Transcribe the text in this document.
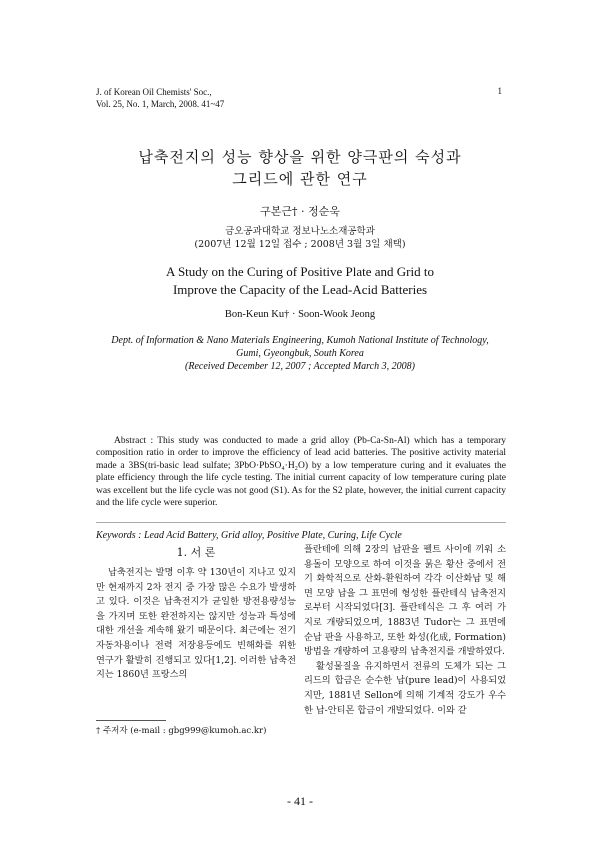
J. of Korean Oil Chemists' Soc.,
Vol. 25, No. 1, March, 2008. 41~47
1
납축전지의 성능 향상을 위한 양극판의 숙성과
그리드에 관한 연구
구본근† · 정순욱
금오공과대학교 정보나노소재공학과
(2007년 12월 12일 접수 ; 2008년 3월 3일 채택)
A Study on the Curing of Positive Plate and Grid to
Improve the Capacity of the Lead-Acid Batteries
Bon-Keun Ku† · Soon-Wook Jeong
Dept. of Information & Nano Materials Engineering, Kumoh National Institute of Technology,
Gumi, Gyeongbuk, South Korea
(Received December 12, 2007 ; Accepted March 3, 2008)

Abstract : This study was conducted to made a grid alloy (Pb-Ca-Sn-Al) which has a temporary composition ratio in order to improve the efficiency of lead acid batteries. The positive activity material made a 3BS(tri-basic lead sulfate; 3PbO·PbSO₄·H₂O) by a low temperature curing and it evaluates the plate efficiency through the life cycle testing. The initial current capacity of low temperature curing plate was excellent but the life cycle was not good (S1). As for the S2 plate, however, the initial current capacity and the life cycle were superior.

Keywords : Lead Acid Battery, Grid alloy, Positive Plate, Curing, Life Cycle
1. 서 론

납축전지는 발명 이후 약 130년이 지나고 있지만 현재까지 2차 전지 중 가장 많은 수요가 발생하고 있다. 이것은 납축전지가 균일한 방전용량성능을 가지며 또한 완전하지는 않지만 성능과 특성에 대한 개선을 계속해 왔기 때문이다. 최근에는 전기 자동차용이나 전력 저장용등에도 빈해화를 위한 연구가 활발히 진행되고 있다[1,2]. 이러한 납축전지는 1860년 프랑스의

플란테에 의해 2장의 납판을 펠트 사이에 끼워 소용돌이 모양으로 하여 이것을 묽은 황산 중에서 전기 화학적으로 산화-환원하여 각각 이산화납 및 해면 모양 납을 그 표면에 형성한 플란테식 납축전지로부터 시작되었다[3]. 플란테식은 그 후 여러 가지로 개량되었으며, 1883년 Tudor는 그 표면에 순납 판을 사용하고, 또한 화성(化成, Formation) 방법을 개량하여 고용량의 납축전지를 개발하였다.

활성물질을 유지하면서 전류의 도체가 되는 그리드의 합금은 순수한 납(pure lead)이 사용되었지만, 1881년 Sellon에 의해 기계적 강도가 우수한 납-안티몬 합금이 개발되었다. 이와 같

† 주저자 (e-mail : gbg999@kumoh.ac.kr)
- 41 -
